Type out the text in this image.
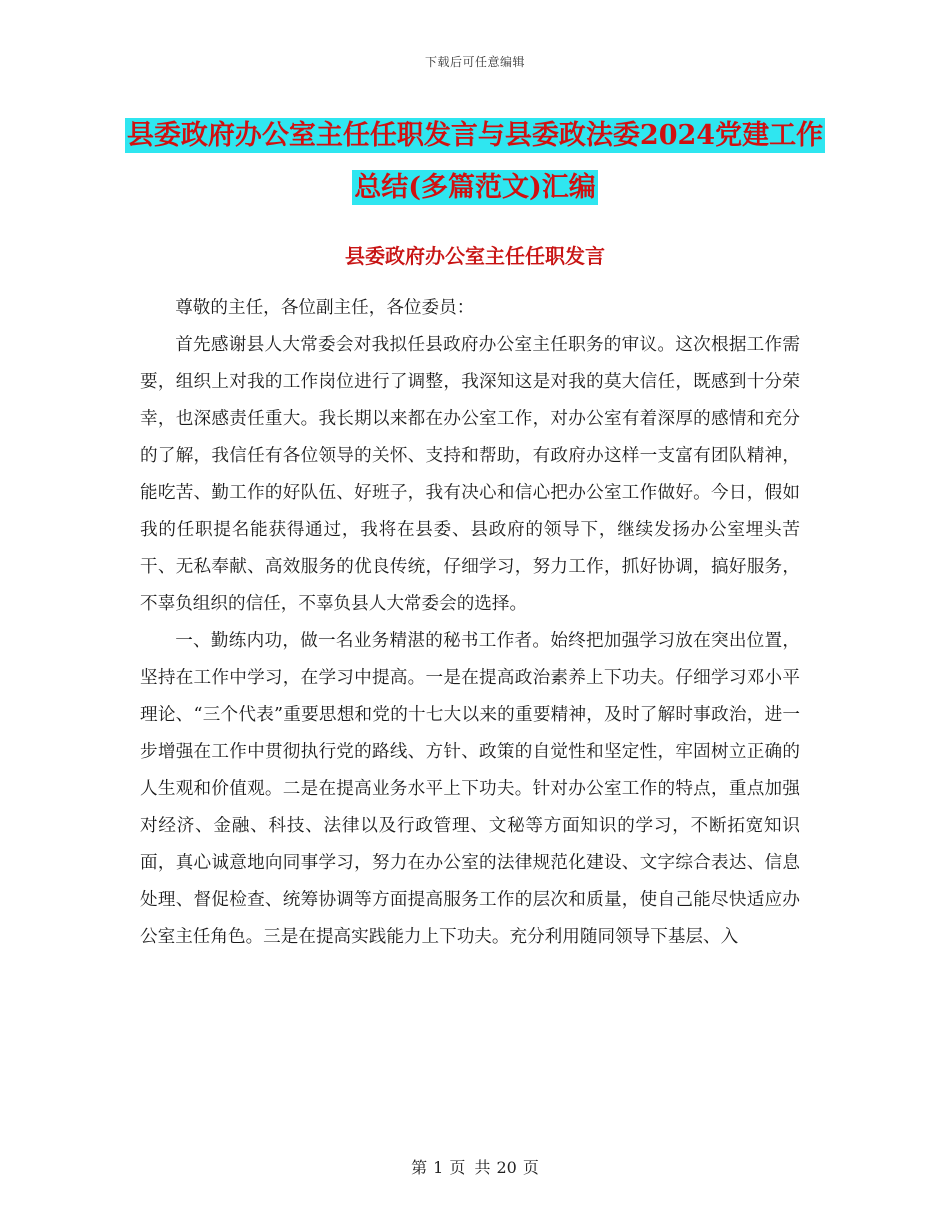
下载后可任意编辑
县委政府办公室主任任职发言与县委政法委2024党建工作总结(多篇范文)汇编
县委政府办公室主任任职发言

尊敬的主任，各位副主任，各位委员：

首先感谢县人大常委会对我拟任县政府办公室主任职务的审议。这次根据工作需要，组织上对我的工作岗位进行了调整，我深知这是对我的莫大信任，既感到十分荣幸，也深感责任重大。我长期以来都在办公室工作，对办公室有着深厚的感情和充分的了解，我信任有各位领导的关怀、支持和帮助，有政府办这样一支富有团队精神，能吃苦、勤工作的好队伍、好班子，我有决心和信心把办公室工作做好。今日，假如我的任职提名能获得通过，我将在县委、县政府的领导下，继续发扬办公室埋头苦干、无私奉献、高效服务的优良传统，仔细学习，努力工作，抓好协调，搞好服务，不辜负组织的信任，不辜负县人大常委会的选择。

一、勤练内功，做一名业务精湛的秘书工作者。始终把加强学习放在突出位置，坚持在工作中学习，在学习中提高。一是在提高政治素养上下功夫。仔细学习邓小平理论、“三个代表”重要思想和党的十七大以来的重要精神，及时了解时事政治，进一步增强在工作中贯彻执行党的路线、方针、政策的自觉性和坚定性，牢固树立正确的人生观和价值观。二是在提高业务水平上下功夫。针对办公室工作的特点，重点加强对经济、金融、科技、法律以及行政管理、文秘等方面知识的学习，不断拓宽知识面，真心诚意地向同事学习，努力在办公室的法律规范化建设、文字综合表达、信息处理、督促检查、统筹协调等方面提高服务工作的层次和质量，使自己能尽快适应办公室主任角色。三是在提高实践能力上下功夫。充分利用随同领导下基层、入

第 1 页 共 20 页
